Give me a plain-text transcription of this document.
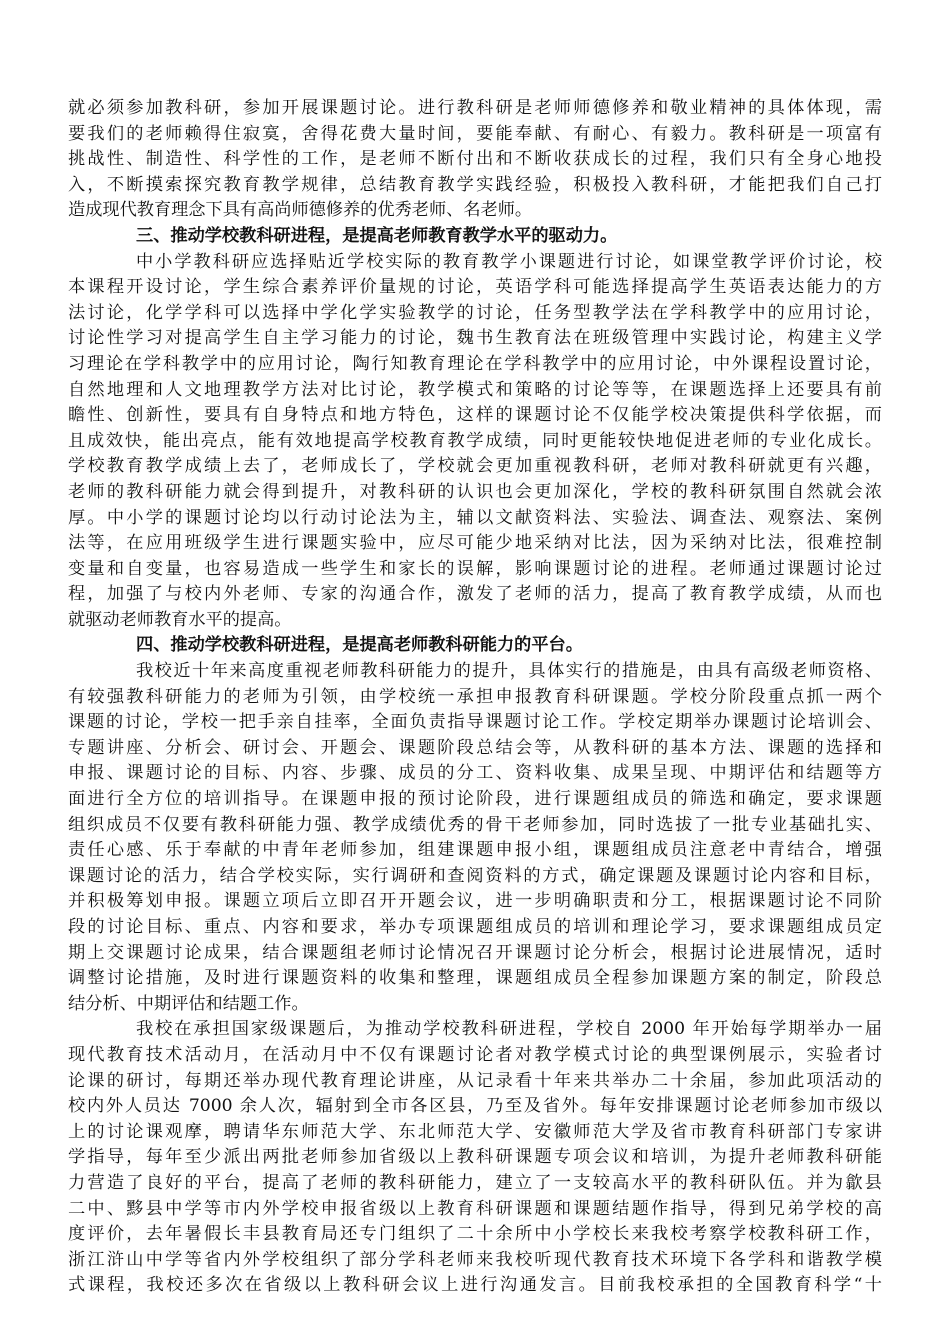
就必须参加教科研，参加开展课题讨论。进行教科研是老师师德修养和敬业精神的具体体现，需
要我们的老师赖得住寂寞，舍得花费大量时间，要能奉献、有耐心、有毅力。教科研是一项富有
挑战性、制造性、科学性的工作，是老师不断付出和不断收获成长的过程，我们只有全身心地投
入，不断摸索探究教育教学规律，总结教育教学实践经验，积极投入教科研，才能把我们自己打
造成现代教育理念下具有高尚师德修养的优秀老师、名老师。
三、推动学校教科研进程，是提高老师教育教学水平的驱动力。
中小学教科研应选择贴近学校实际的教育教学小课题进行讨论，如课堂教学评价讨论，校
本课程开设讨论，学生综合素养评价量规的讨论，英语学科可能选择提高学生英语表达能力的方
法讨论，化学学科可以选择中学化学实验教学的讨论，任务型教学法在学科教学中的应用讨论，
讨论性学习对提高学生自主学习能力的讨论，魏书生教育法在班级管理中实践讨论，构建主义学
习理论在学科教学中的应用讨论，陶行知教育理论在学科教学中的应用讨论，中外课程设置讨论，
自然地理和人文地理教学方法对比讨论，教学模式和策略的讨论等等，在课题选择上还要具有前
瞻性、创新性，要具有自身特点和地方特色，这样的课题讨论不仅能学校决策提供科学依据，而
且成效快，能出亮点，能有效地提高学校教育教学成绩，同时更能较快地促进老师的专业化成长。
学校教育教学成绩上去了，老师成长了，学校就会更加重视教科研，老师对教科研就更有兴趣，
老师的教科研能力就会得到提升，对教科研的认识也会更加深化，学校的教科研氛围自然就会浓
厚。中小学的课题讨论均以行动讨论法为主，辅以文献资料法、实验法、调查法、观察法、案例
法等，在应用班级学生进行课题实验中，应尽可能少地采纳对比法，因为采纳对比法，很难控制
变量和自变量，也容易造成一些学生和家长的误解，影响课题讨论的进程。老师通过课题讨论过
程，加强了与校内外老师、专家的沟通合作，激发了老师的活力，提高了教育教学成绩，从而也
就驱动老师教育水平的提高。
四、推动学校教科研进程，是提高老师教科研能力的平台。
我校近十年来高度重视老师教科研能力的提升，具体实行的措施是，由具有高级老师资格、
有较强教科研能力的老师为引领，由学校统一承担申报教育科研课题。学校分阶段重点抓一两个
课题的讨论，学校一把手亲自挂率，全面负责指导课题讨论工作。学校定期举办课题讨论培训会、
专题讲座、分析会、研讨会、开题会、课题阶段总结会等，从教科研的基本方法、课题的选择和
申报、课题讨论的目标、内容、步骤、成员的分工、资料收集、成果呈现、中期评估和结题等方
面进行全方位的培训指导。在课题申报的预讨论阶段，进行课题组成员的筛选和确定，要求课题
组织成员不仅要有教科研能力强、教学成绩优秀的骨干老师参加，同时选拔了一批专业基础扎实、
责任心感、乐于奉献的中青年老师参加，组建课题申报小组，课题组成员注意老中青结合，增强
课题讨论的活力，结合学校实际，实行调研和查阅资料的方式，确定课题及课题讨论内容和目标，
并积极筹划申报。课题立项后立即召开开题会议，进一步明确职责和分工，根据课题讨论不同阶
段的讨论目标、重点、内容和要求，举办专项课题组成员的培训和理论学习，要求课题组成员定
期上交课题讨论成果，结合课题组老师讨论情况召开课题讨论分析会，根据讨论进展情况，适时
调整讨论措施，及时进行课题资料的收集和整理，课题组成员全程参加课题方案的制定，阶段总
结分析、中期评估和结题工作。
我校在承担国家级课题后，为推动学校教科研进程，学校自 2000 年开始每学期举办一届
现代教育技术活动月，在活动月中不仅有课题讨论者对教学模式讨论的典型课例展示，实验者讨
论课的研讨，每期还举办现代教育理论讲座，从记录看十年来共举办二十余届，参加此项活动的
校内外人员达 7000 余人次，辐射到全市各区县，乃至及省外。每年安排课题讨论老师参加市级以
上的讨论课观摩，聘请华东师范大学、东北师范大学、安徽师范大学及省市教育科研部门专家讲
学指导，每年至少派出两批老师参加省级以上教科研课题专项会议和培训，为提升老师教科研能
力营造了良好的平台，提高了老师的教科研能力，建立了一支较高水平的教科研队伍。并为歙县
二中、黟县中学等市内外学校申报省级以上教育科研课题和课题结题作指导，得到兄弟学校的高
度评价，去年暑假长丰县教育局还专门组织了二十余所中小学校长来我校考察学校教科研工作，
浙江浒山中学等省内外学校组织了部分学科老师来我校听现代教育技术环境下各学科和谐教学模
式课程，我校还多次在省级以上教科研会议上进行沟通发言。目前我校承担的全国教育科学“十
